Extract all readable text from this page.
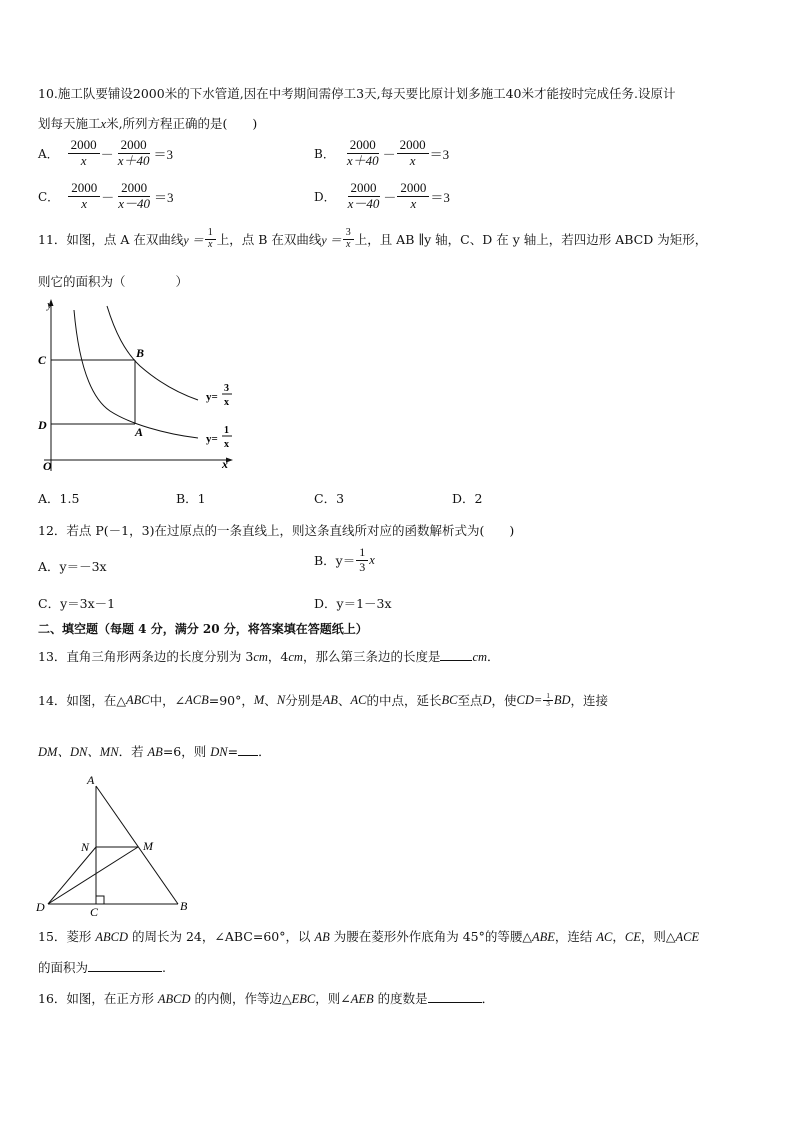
10.施工队要铺设2000米的下水管道,因在中考期间需停工3天,每天要比原计划多施工40米才能按时完成任务.设原计
划每天施工x米,所列方程正确的是(　　)
A． $\frac{2000}{x} - \frac{2000}{x+40} =3$	B． $\frac{2000}{x+40} - \frac{2000}{x} =3$
C． $\frac{2000}{x} - \frac{2000}{x-40} =3$	D． $\frac{2000}{x-40} - \frac{2000}{x} =3$
11．如图，点 A 在双曲线 $y = \frac{1}{x}$ 上，点 B 在双曲线 $y = \frac{3}{x}$ 上，且 AB ∥y 轴，C、D 在 y 轴上，若四边形 ABCD 为矩形，
则它的面积为（　　　　）
y
x
O
C
D
B
A
y=
3
x
y=
1
x
A．1.5	B．1	C．3	D．2
12．若点 P(－1，3)在过原点的一条直线上，则这条直线所对应的函数解析式为(　　)
A．y＝－3x	B．$y= \frac{1}{3}$ x
C．y＝3x－1	D．y＝1－3x
二、填空题（每题 4 分，满分 20 分，将答案填在答题纸上）
13．直角三角形两条边的长度分别为 3cm，4cm，那么第三条边的长度是	cm．
14．如图，在△ ABC 中，∠ ACB =90°， M 、 N 分别是 AB 、 AC 的中点，延长 BC 至点 D ，使 $CD= \frac{1}{3}$ BD ，连接
DM、DN、MN．若 AB=6，则 DN= ．
A
N	M
D	C	B
15．菱形 ABCD 的周长为 24，∠ABC=60°，以 AB 为腰在菱形外作底角为 45°的等腰△ABE，连结 AC，CE，则△ACE
的面积为	.
16．如图，在正方形 ABCD 的内侧，作等边△EBC，则∠AEB 的度数是	．
